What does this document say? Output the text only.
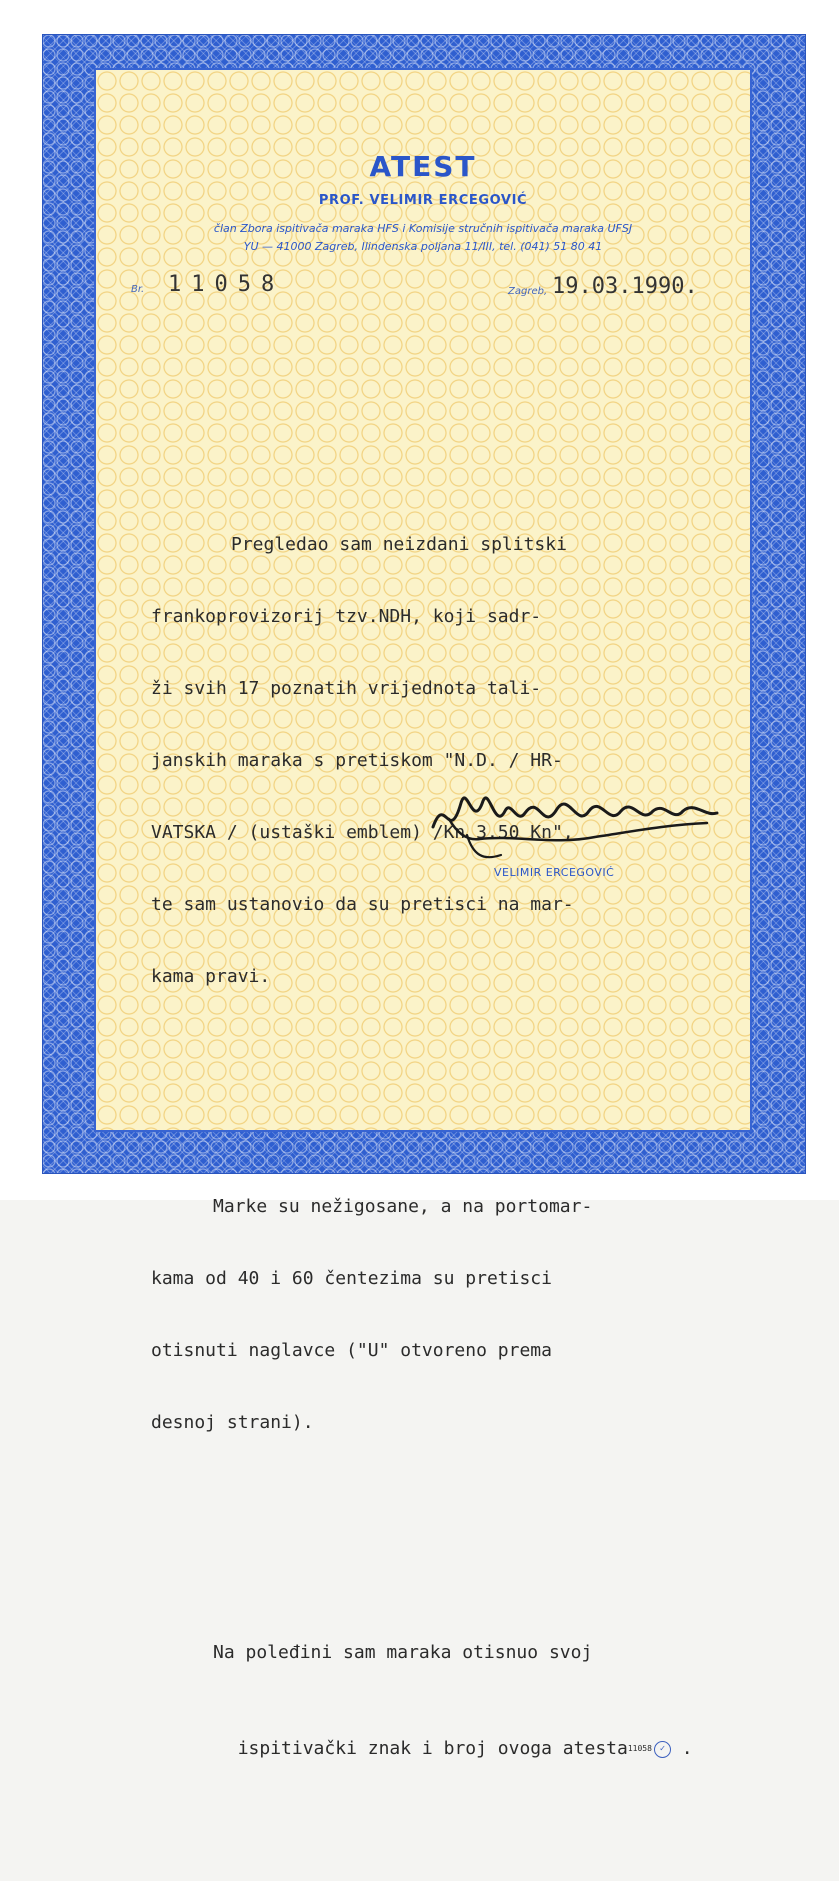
ATEST
PROF. VELIMIR ERCEGOVIĆ
član Zbora ispitivača maraka HFS i Komisije stručnih ispitivača maraka UFSJ
YU — 41000 Zagreb, Ilindenska poljana 11/III, tel. (041) 51 80 41
Br. 11058	Zagreb, 19.03.1990.

Pregledao sam neizdani splitski

frankoprovizorij tzv.NDH, koji sadr-

ži svih 17 poznatih vrijednota tali-

janskih maraka s pretiskom "N.D. / HR-

VATSKA / (ustaški emblem) /Kn 3.50 Kn",

te sam ustanovio da su pretisci na mar-

kama pravi.

Marke su nežigosane, a na portomar-

kama od 40 i 60 čentezima su pretisci

otisnuti naglavce ("U" otvoreno prema

desnoj strani).

Na poleđini sam maraka otisnuo svoj

ispitivački znak i broj ovoga atesta11058 ✓ .

VELIMIR ERCEGOVIĆ
